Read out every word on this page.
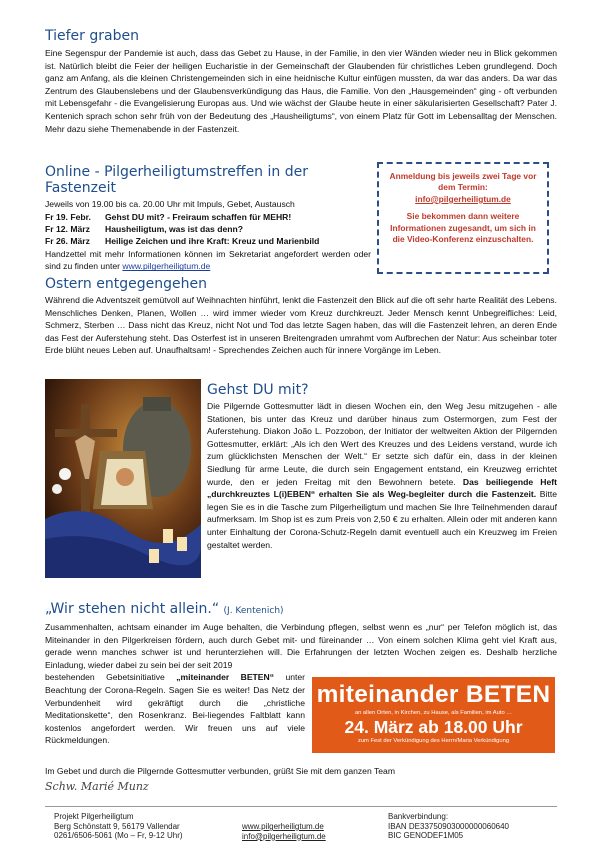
Tiefer graben

Eine Segenspur der Pandemie ist auch, dass das Gebet zu Hause, in der Familie, in den vier Wänden wieder neu in Blick gekommen ist. Natürlich bleibt die Feier der heiligen Eucharistie in der Gemeinschaft der Glaubenden für christliches Leben grundlegend. Doch ganz am Anfang, als die kleinen Christengemeinden sich in eine heidnische Kultur einfügen mussten, da war das anders. Da war das Zentrum des Glaubenslebens und der Glaubensverkündigung das Haus, die Familie. Von den „Hausgemeinden“ ging - oft verbunden mit Lebensgefahr - die Evangelisierung Europas aus. Und wie wächst der Glaube heute in einer säkularisierten Gesellschaft? Pater J. Kentenich sprach schon sehr früh von der Bedeutung des „Hausheiligtums“, von einem Platz für Gott im Lebensalltag der Menschen. Mehr dazu siehe Themenabende in der Fastenzeit.

Online - Pilgerheiligtumstreffen in der Fastenzeit

Jeweils von 19.00 bis ca. 20.00 Uhr mit Impuls, Gebet, Austausch

Fr 19. Febr.	Gehst DU mit? - Freiraum schaffen für MEHR!
Fr 12. März	Hausheiligtum, was ist das denn?
Fr 26. März	Heilige Zeichen und ihre Kraft: Kreuz und Marienbild

Handzettel mit mehr Informationen können im Sekretariat angefordert werden oder sind zu finden unter www.pilgerheiligtum.de

Anmeldung bis jeweils zwei Tage vor dem Termin:

info@pilgerheiligtum.de

Sie bekommen dann weitere Informationen zugesandt, um sich in die Video-Konferenz einzuschalten.

Ostern entgegengehen

Während die Adventszeit gemütvoll auf Weihnachten hinführt, lenkt die Fastenzeit den Blick auf die oft sehr harte Realität des Lebens. Menschliches Denken, Planen, Wollen … wird immer wieder vom Kreuz durchkreuzt. Jeder Mensch kennt Unbegreifliches: Leid, Schmerz, Sterben … Dass nicht das Kreuz, nicht Not und Tod das letzte Sagen haben, das will die Fastenzeit lehren, an deren Ende das Fest der Auferstehung steht. Das Osterfest ist in unseren Breitengraden umrahmt vom Aufbrechen der Natur: Aus scheinbar toter Erde blüht neues Leben auf. Unaufhaltsam! - Sprechendes Zeichen auch für innere Vorgänge im Leben.

Gehst DU mit?

Die Pilgernde Gottesmutter lädt in diesen Wochen ein, den Weg Jesu mitzugehen - alle Stationen, bis unter das Kreuz und darüber hinaus zum Ostermorgen, zum Fest der Auferstehung. Diakon João L. Pozzobon, der Initiator der weltweiten Aktion der Pilgernden Gottesmutter, erklärt: „Als ich den Wert des Kreuzes und des Leidens verstand, wurde ich zum glücklichsten Menschen der Welt.“ Er setzte sich dafür ein, dass in der kleinen Siedlung für arme Leute, die durch sein Engagement entstand, ein Kreuzweg errichtet wurde, den er jeden Freitag mit den Bewohnern betete. Das beiliegende Heft „durchkreuztes L(i)EBEN“ erhalten Sie als Weg-begleiter durch die Fastenzeit. Bitte legen Sie es in die Tasche zum Pilgerheiligtum und machen Sie Ihre Teilnehmenden darauf aufmerksam. Im Shop ist es zum Preis von 2,50 € zu erhalten. Allein oder mit anderen kann unter Einhaltung der Corona-Schutz-Regeln damit eventuell auch ein Kreuzweg im Freien gestaltet werden.

„Wir stehen nicht allein.“ (J. Kentenich)

Zusammenhalten, achtsam einander im Auge behalten, die Verbindung pflegen, selbst wenn es „nur“ per Telefon möglich ist, das Miteinander in den Pilgerkreisen fördern, auch durch Gebet mit- und füreinander … Von einem solchen Klima geht viel Kraft aus, gerade wenn manches schwer ist und herunterziehen will. Die Erfahrungen der letzten Wochen zeigen es. Deshalb herzliche Einladung, wieder dabei zu sein bei der seit 2019

bestehenden Gebetsinitiative „miteinander BETEN“ unter Beachtung der Corona-Regeln. Sagen Sie es weiter! Das Netz der Verbundenheit wird gekräftigt durch die „christliche Meditationskette“, den Rosenkranz. Bei-liegendes Faltblatt kann kostenlos angefordert werden. Wir freuen uns auf viele Rückmeldungen.

miteinander BETEN
an allen Orten, in Kirchen, zu Hause, als Familien, im Auto …
24. März ab 18.00 Uhr
zum Fest der Verkündigung des Herrn/Maria Verkündigung

Im Gebet und durch die Pilgernde Gottesmutter verbunden, grüßt Sie mit dem ganzen Team

Schw. Marié Munz
Projekt Pilgerheiligtum
Berg Schönstatt 9, 56179 Vallendar
0261/6506-5061 (Mo – Fr, 9-12 Uhr)
www.pilgerheiligtum.de
info@pilgerheiligtum.de
Bankverbindung:
IBAN DE33750903000000060640
BIC GENODEF1M05
